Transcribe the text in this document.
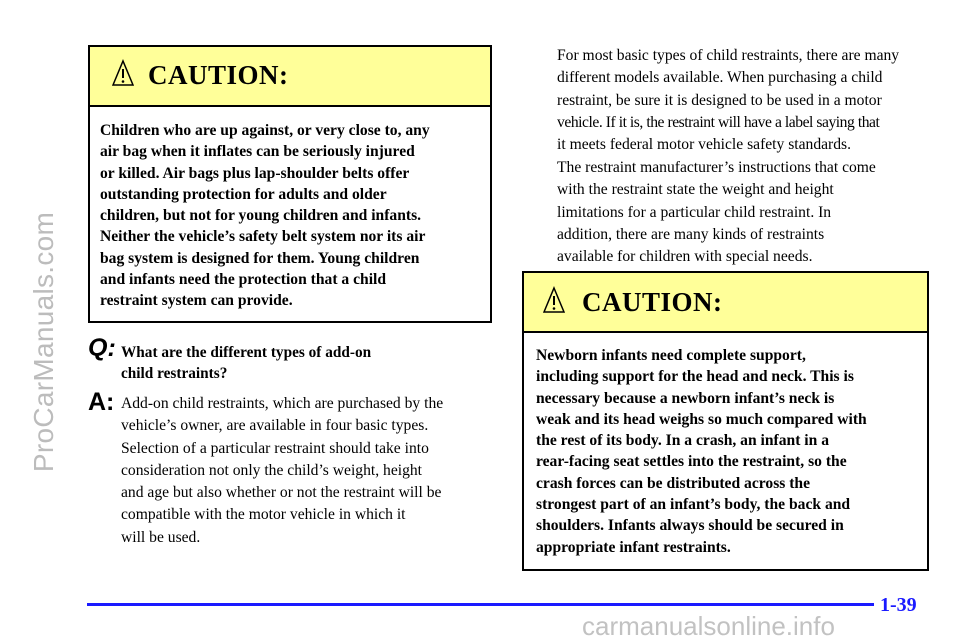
ProCarManuals.com
CAUTION:
Children who are up against, or very close to, any
air bag when it inflates can be seriously injured
or killed. Air bags plus lap-shoulder belts offer
outstanding protection for adults and older
children, but not for young children and infants.
Neither the vehicle’s safety belt system nor its air
bag system is designed for them. Young children
and infants need the protection that a child
restraint system can provide.
Q: What are the different types of add-on
child restraints?
A: Add-on child restraints, which are purchased by the
vehicle’s owner, are available in four basic types.
Selection of a particular restraint should take into
consideration not only the child’s weight, height
and age but also whether or not the restraint will be
compatible with the motor vehicle in which it
will be used.
For most basic types of child restraints, there are many
different models available. When purchasing a child
restraint, be sure it is designed to be used in a motor
vehicle. If it is, the restraint will have a label saying that
it meets federal motor vehicle safety standards.
The restraint manufacturer’s instructions that come
with the restraint state the weight and height
limitations for a particular child restraint. In
addition, there are many kinds of restraints
available for children with special needs.
CAUTION:
Newborn infants need complete support,
including support for the head and neck. This is
necessary because a newborn infant’s neck is
weak and its head weighs so much compared with
the rest of its body. In a crash, an infant in a
rear-facing seat settles into the restraint, so the
crash forces can be distributed across the
strongest part of an infant’s body, the back and
shoulders. Infants always should be secured in
appropriate infant restraints.
1-39
carmanualsonline.info
